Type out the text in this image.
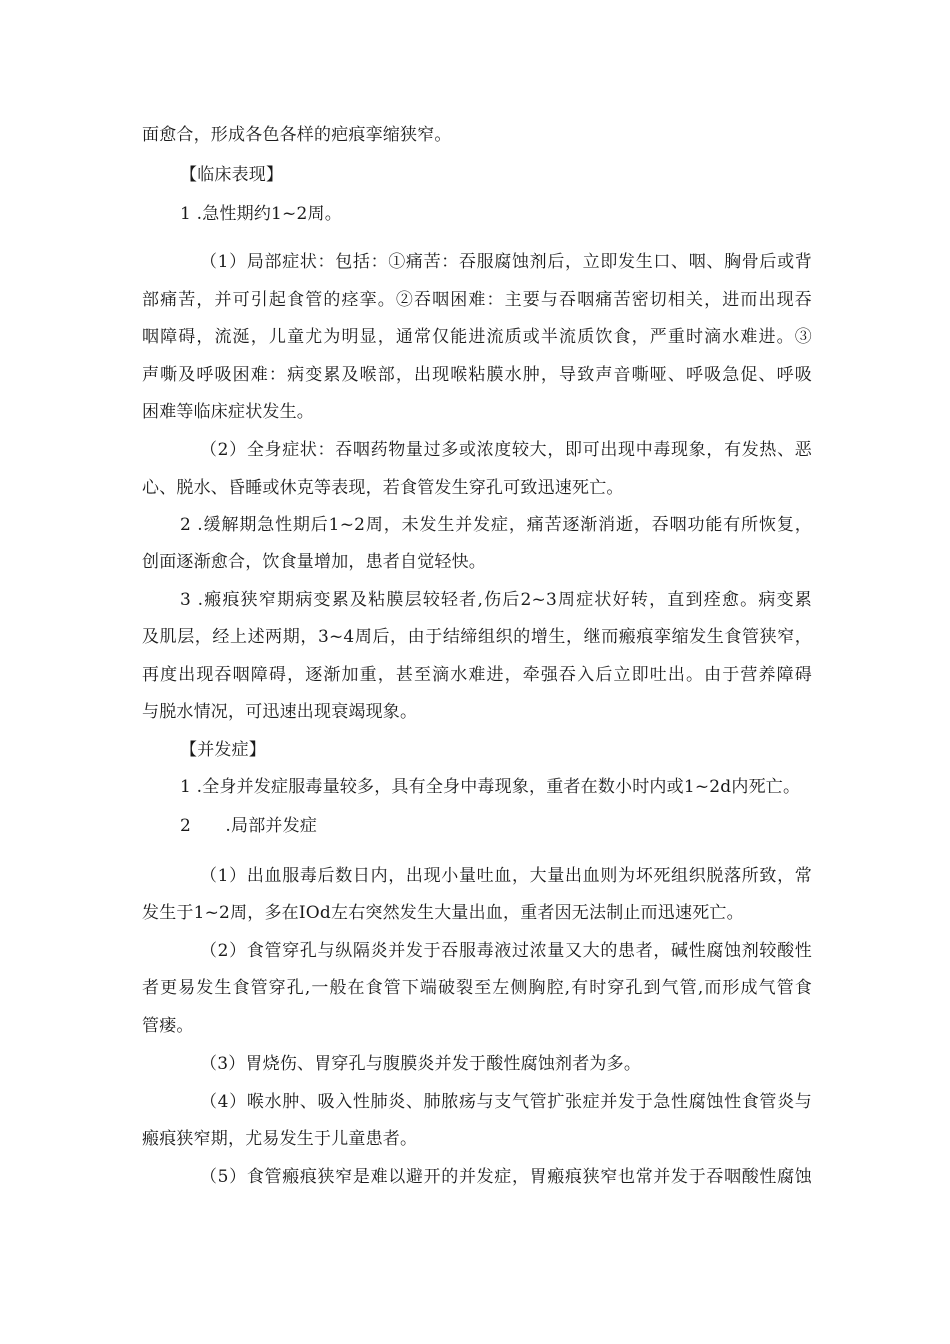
面愈合，形成各色各样的疤痕挛缩狭窄。
【临床表现】
1 .急性期约1~2周。
（1）局部症状：包括：①痛苦：吞服腐蚀剂后，立即发生口、咽、胸骨后或背
部痛苦，并可引起食管的痉挛。②吞咽困难：主要与吞咽痛苦密切相关，进而出现吞
咽障碍，流涎，儿童尤为明显，通常仅能进流质或半流质饮食，严重时滴水难进。③
声嘶及呼吸困难：病变累及喉部，出现喉粘膜水肿，导致声音嘶哑、呼吸急促、呼吸
困难等临床症状发生。
（2）全身症状：吞咽药物量过多或浓度较大，即可出现中毒现象，有发热、恶
心、脱水、昏睡或休克等表现，若食管发生穿孔可致迅速死亡。
2 .缓解期急性期后1~2周，未发生并发症，痛苦逐渐消逝，吞咽功能有所恢复，
创面逐渐愈合，饮食量增加，患者自觉轻快。
3 .瘢痕狭窄期病变累及粘膜层较轻者,伤后2~3周症状好转，直到痊愈。病变累
及肌层，经上述两期，3~4周后，由于结缔组织的增生，继而瘢痕挛缩发生食管狭窄，
再度出现吞咽障碍，逐渐加重，甚至滴水难进，牵强吞入后立即吐出。由于营养障碍
与脱水情况，可迅速出现衰竭现象。
【并发症】
1 .全身并发症服毒量较多，具有全身中毒现象，重者在数小时内或1~2d内死亡。
2　　.局部并发症
（1）出血服毒后数日内，出现小量吐血，大量出血则为坏死组织脱落所致，常
发生于1~2周，多在IOd左右突然发生大量出血，重者因无法制止而迅速死亡。
（2）食管穿孔与纵隔炎并发于吞服毒液过浓量又大的患者，碱性腐蚀剂较酸性
者更易发生食管穿孔,一般在食管下端破裂至左侧胸腔,有时穿孔到气管,而形成气管食
管瘘。
（3）胃烧伤、胃穿孔与腹膜炎并发于酸性腐蚀剂者为多。
（4）喉水肿、吸入性肺炎、肺脓疡与支气管扩张症并发于急性腐蚀性食管炎与
瘢痕狭窄期，尤易发生于儿童患者。
（5）食管瘢痕狭窄是难以避开的并发症，胃瘢痕狭窄也常并发于吞咽酸性腐蚀
